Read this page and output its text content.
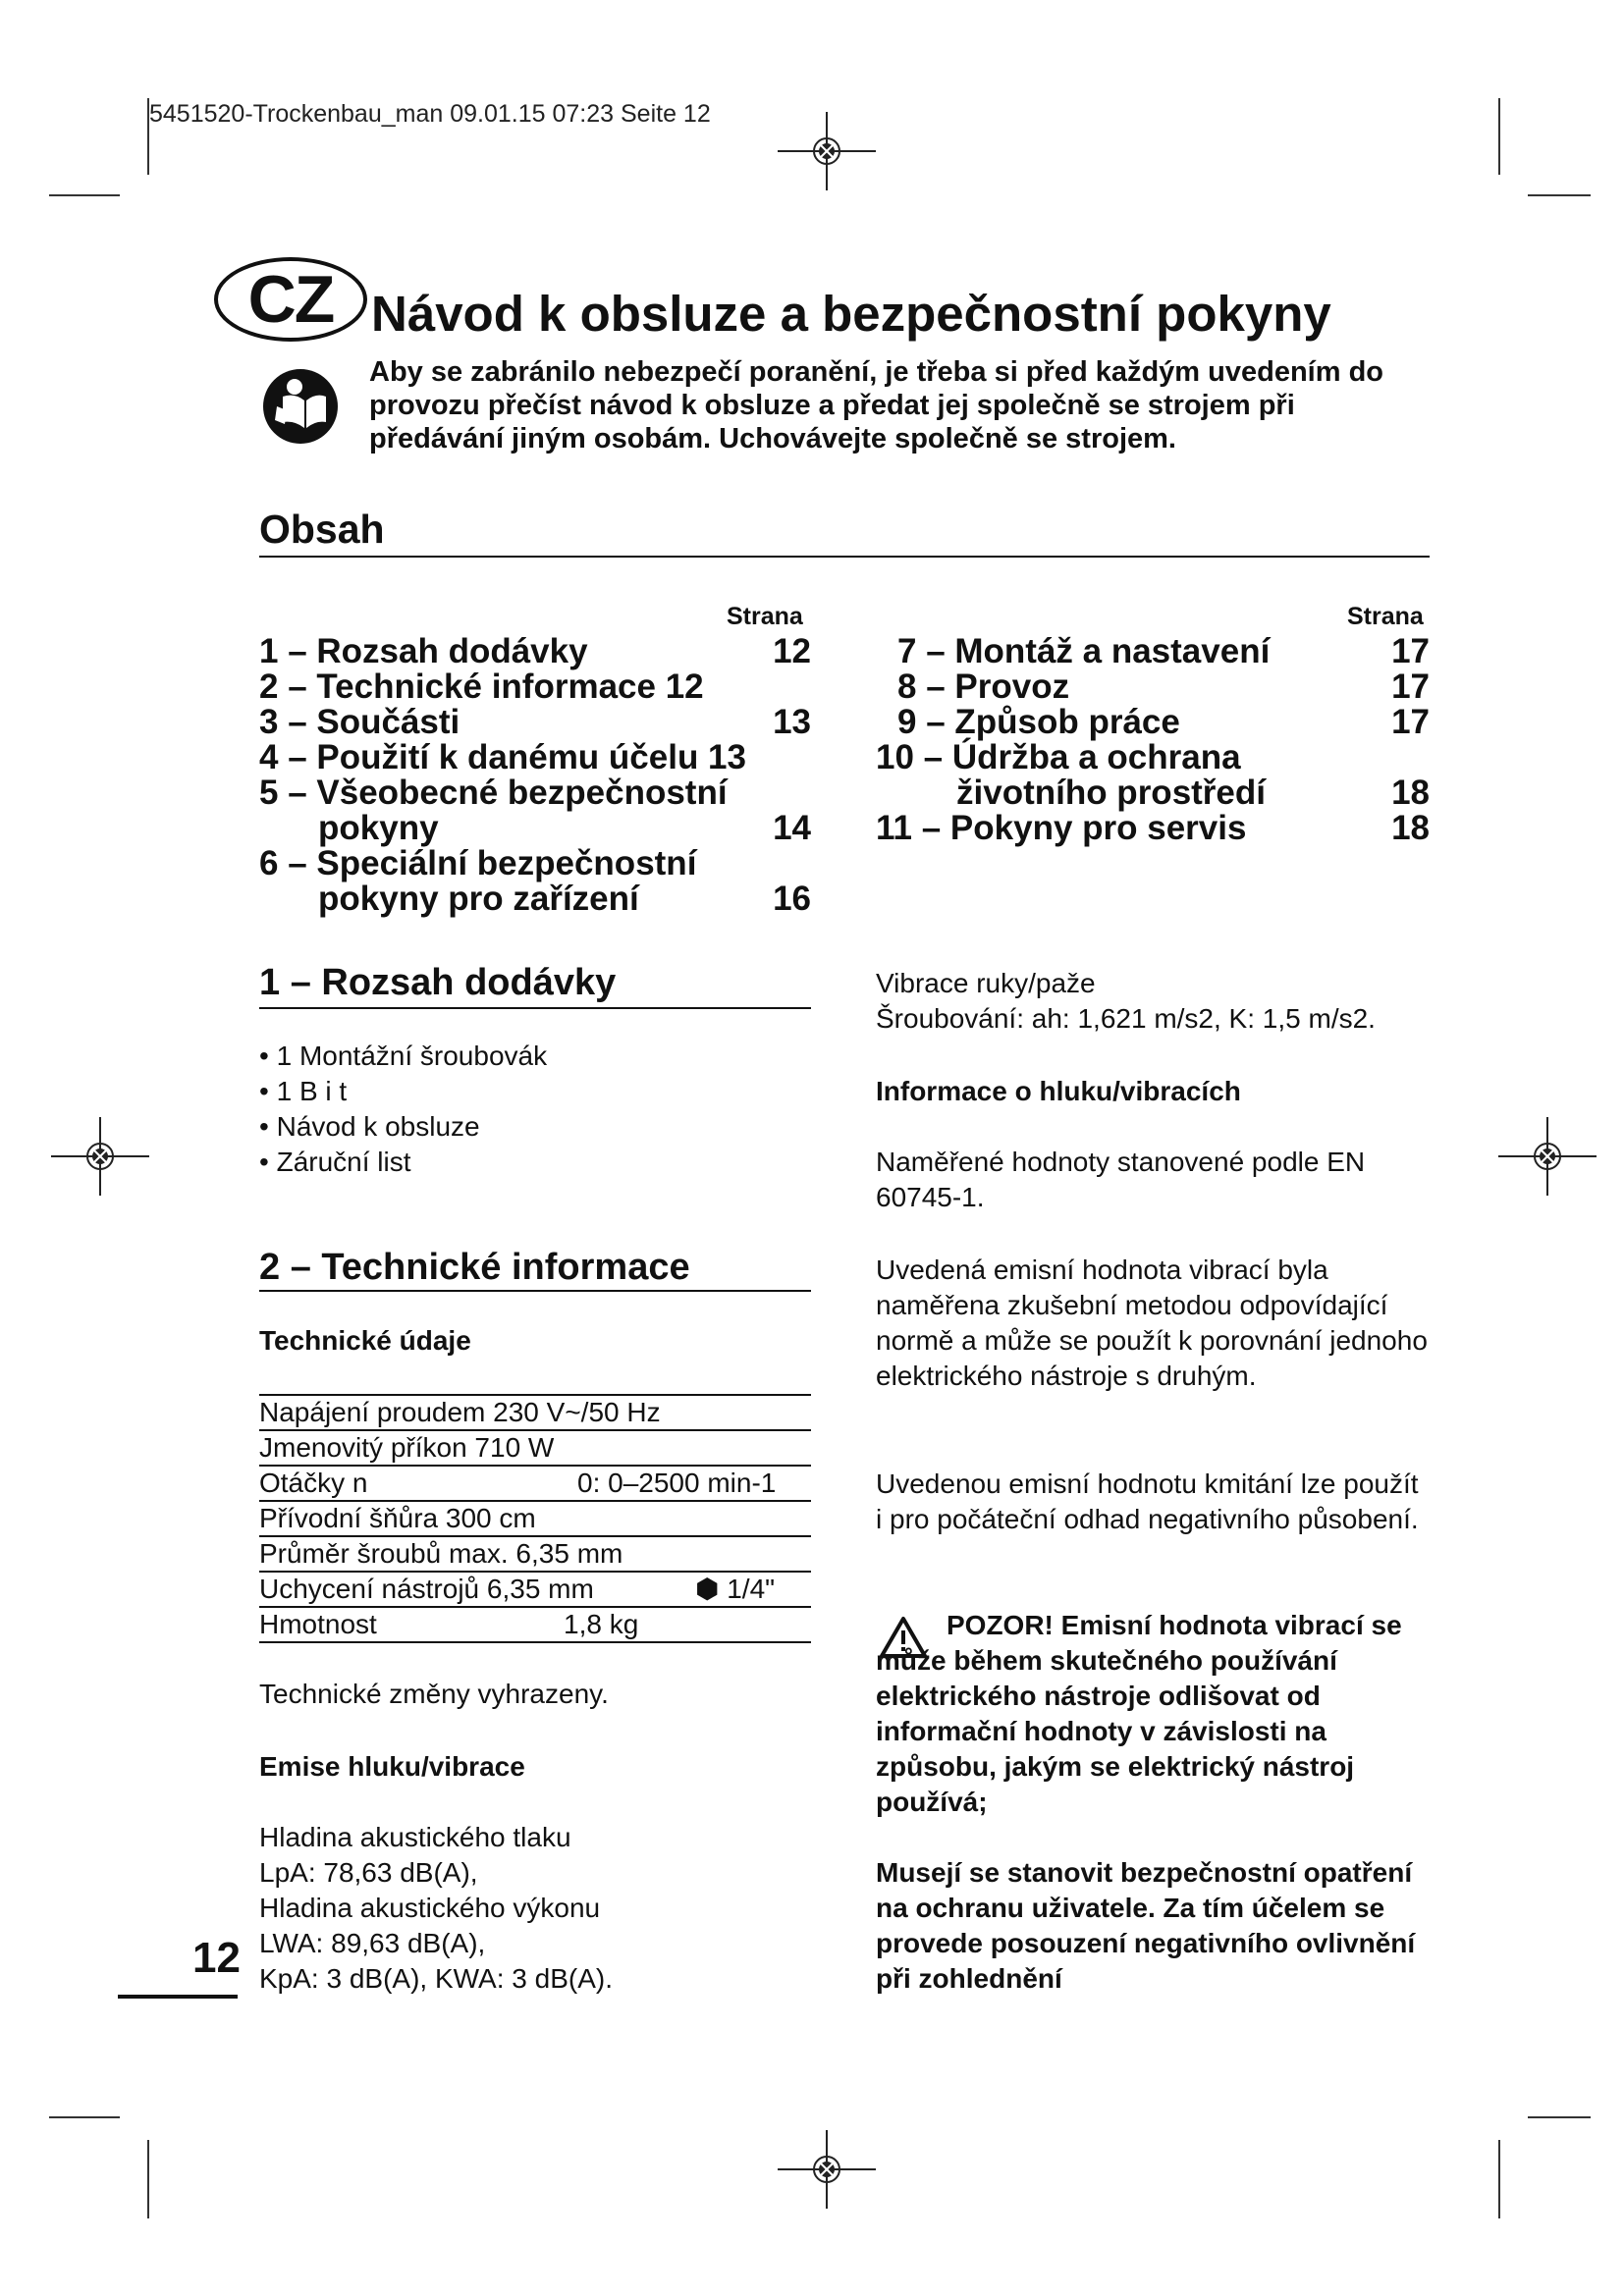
5451520-Trockenbau_man 09.01.15 07:23 Seite 12
CZ Návod k obsluze a bezpečnostní pokyny
Aby se zabránilo nebezpečí poranění, je třeba si před každým uvedením do provozu přečíst návod k obsluze a předat jej společně se strojem při předávání jiným osobám. Uchovávejte společně se strojem.
Obsah
Strana	Strana
1 – Rozsah dodávky	12
2 – Technické informace 12
3 – Součásti	13
4 – Použití k danému účelu 13
5 – Všeobecné bezpečnostní
pokyny	14
6 – Speciální bezpečnostní
pokyny pro zařízení	16
7 – Montáž a nastavení	17
8 – Provoz	17
9 – Způsob práce	17
10 – Údržba a ochrana
životního prostředí	18
11 – Pokyny pro servis	18
1 – Rozsah dodávky
• 1 Montážní šroubovák
• 1 B i t
• Návod k obsluze
• Záruční list
2 – Technické informace
Technické údaje
Napájení proudem 230 V~/50 Hz
Jmenovitý příkon 710 W
Otáčky n	0: 0–2500 min-1
Přívodní šňůra 300 cm
Průměr šroubů max. 6,35 mm
Uchycení nástrojů 6,35 mm	⬢ 1/4"
Hmotnost	1,8 kg
Technické změny vyhrazeny.
Emise hluku/vibrace
Hladina akustického tlaku
LpA: 78,63 dB(A),
Hladina akustického výkonu
LWA: 89,63 dB(A),
KpA: 3 dB(A), KWA: 3 dB(A).
Vibrace ruky/paže
Šroubování: ah: 1,621 m/s2, K: 1,5 m/s2.
Informace o hluku/vibracích
Naměřené hodnoty stanovené podle EN 60745-1.
Uvedená emisní hodnota vibrací byla naměřena zkušební metodou odpovídající normě a může se použít k porovnání jednoho elektrického nástroje s druhým.
Uvedenou emisní hodnotu kmitání lze použít i pro počáteční odhad negativního působení.
POZOR! Emisní hodnota vibrací se může během skutečného používání elektrického nástroje odlišovat od informační hodnoty v závislosti na způsobu, jakým se elektrický nástroj používá;
Musejí se stanovit bezpečnostní opatření na ochranu uživatele. Za tím účelem se provede posouzení negativního ovlivnění při zohlednění
12
